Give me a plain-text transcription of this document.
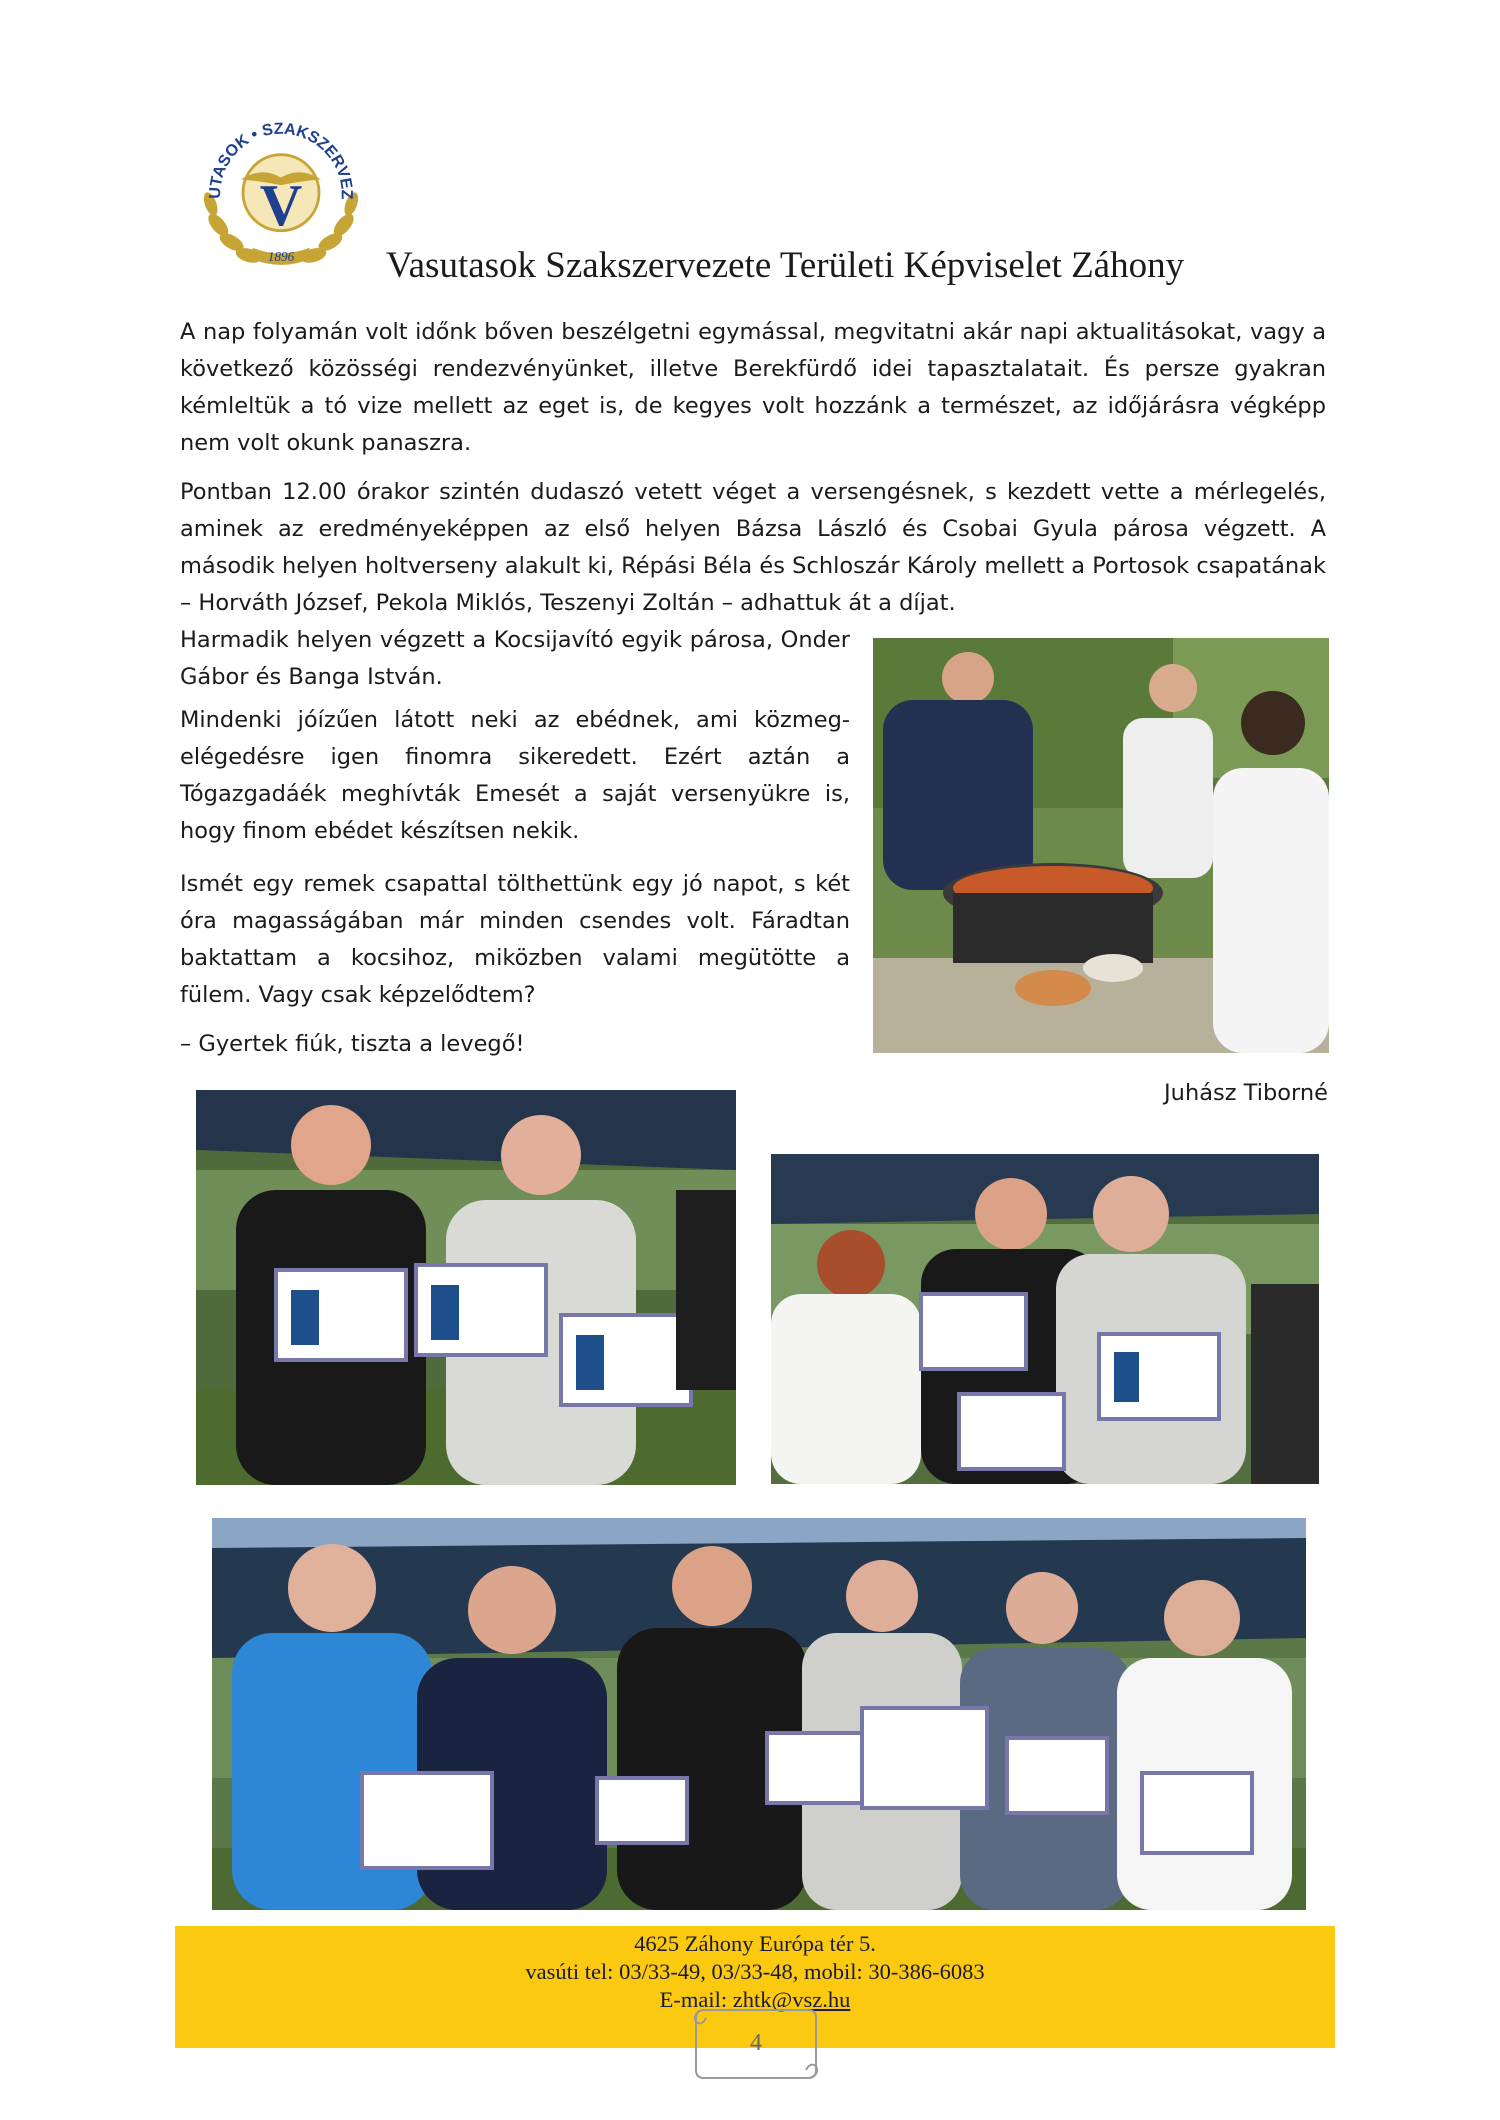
UTASOK • SZAKSZERVEZ
V
1896 Vasutasok Szakszervezete Területi Képviselet Záhony

A nap folyamán volt időnk bőven beszélgetni egymással, megvitatni akár napi aktualitásokat, vagy a következő közösségi rendezvényünket, illetve Berekfürdő idei tapasztalatait. És persze gyakran kémleltük a tó vize mellett az eget is, de kegyes volt hozzánk a természet, az időjárásra végképp nem volt okunk panaszra.

Pontban 12.00 órakor szintén dudaszó vetett véget a versengésnek, s kezdett vette a mérlegelés, aminek az eredményeképpen az első helyen Bázsa László és Csobai Gyula párosa végzett. A második helyen holtverseny alakult ki, Répási Béla és Schloszár Károly mellett a Portosok csapatának – Horváth József, Pekola Miklós, Teszenyi Zoltán – adhattuk át a díjat.

Harmadik helyen végzett a Kocsijavító egyik párosa, Onder Gábor és Banga István.

Mindenki jóízűen látott neki az ebédnek, ami közmeg-elégedésre igen finomra sikeredett. Ezért aztán a Tógazgadáék meghívták Emesét a saját versenyükre is, hogy finom ebédet készítsen nekik.

Ismét egy remek csapattal tölthettünk egy jó napot, s két óra magasságában már minden csendes volt. Fáradtan baktattam a kocsihoz, miközben valami megütötte a fülem. Vagy csak képzelődtem?

– Gyertek fiúk, tiszta a levegő!

Juhász Tiborné

4625 Záhony Európa tér 5.
vasúti tel: 03/33-49, 03/33-48, mobil: 30-386-6083
E-mail: zhtk@vsz.hu
4
